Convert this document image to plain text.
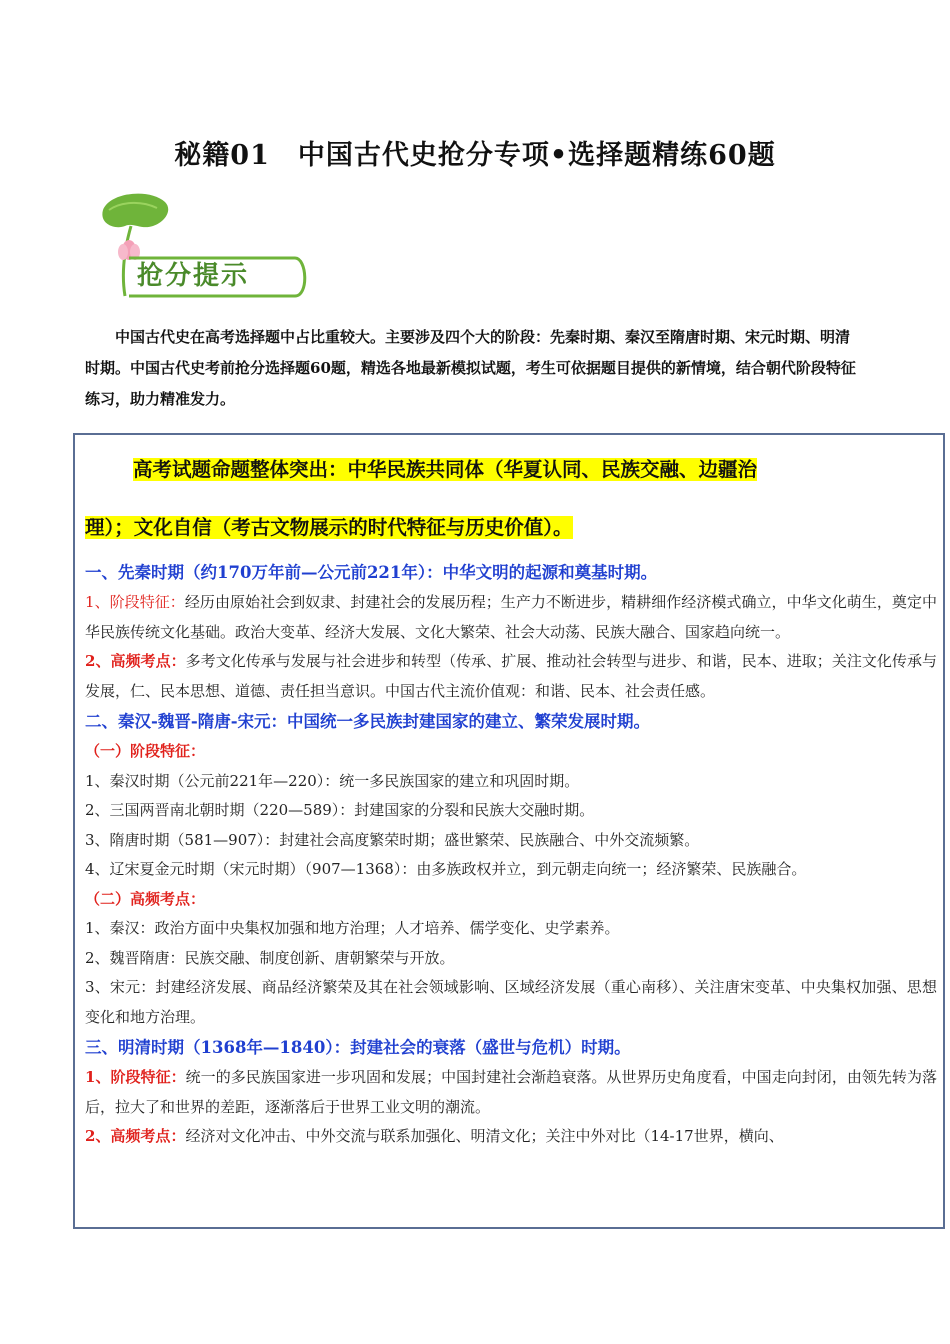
秘籍01　中国古代史抢分专项•选择题精练60题
抢分提示

中国古代史在高考选择题中占比重较大。主要涉及四个大的阶段：先秦时期、秦汉至隋唐时期、宋元时期、明清时期。中国古代史考前抢分选择题60题，精选各地最新模拟试题，考生可依据题目提供的新情境，结合朝代阶段特征练习，助力精准发力。

高考试题命题整体突出：中华民族共同体（华夏认同、民族交融、边疆治

理）；文化自信（考古文物展示的时代特征与历史价值）。

一、先秦时期（约170万年前—公元前221年）：中华文明的起源和奠基时期。

1、阶段特征：经历由原始社会到奴隶、封建社会的发展历程；生产力不断进步，精耕细作经济模式确立，中华文化萌生，奠定中华民族传统文化基础。政治大变革、经济大发展、文化大繁荣、社会大动荡、民族大融合、国家趋向统一。

2、高频考点：多考文化传承与发展与社会进步和转型（传承、扩展、推动社会转型与进步、和谐，民本、进取；关注文化传承与发展，仁、民本思想、道德、责任担当意识。中国古代主流价值观：和谐、民本、社会责任感。

二、秦汉-魏晋-隋唐-宋元：中国统一多民族封建国家的建立、繁荣发展时期。

（一）阶段特征：

1、秦汉时期（公元前221年—220）：统一多民族国家的建立和巩固时期。

2、三国两晋南北朝时期（220—589）：封建国家的分裂和民族大交融时期。

3、隋唐时期（581—907）：封建社会高度繁荣时期；盛世繁荣、民族融合、中外交流频繁。

4、辽宋夏金元时期（宋元时期）（907—1368）：由多族政权并立，到元朝走向统一；经济繁荣、民族融合。

（二）高频考点：

1、秦汉：政治方面中央集权加强和地方治理；人才培养、儒学变化、史学素养。

2、魏晋隋唐：民族交融、制度创新、唐朝繁荣与开放。

3、宋元：封建经济发展、商品经济繁荣及其在社会领域影响、区域经济发展（重心南移）、关注唐宋变革、中央集权加强、思想变化和地方治理。

三、明清时期（1368年—1840）：封建社会的衰落（盛世与危机）时期。

1、阶段特征：统一的多民族国家进一步巩固和发展；中国封建社会渐趋衰落。从世界历史角度看，中国走向封闭，由领先转为落后，拉大了和世界的差距，逐渐落后于世界工业文明的潮流。

2、高频考点：经济对文化冲击、中外交流与联系加强化、明清文化；关注中外对比（14-17世界，横向、
